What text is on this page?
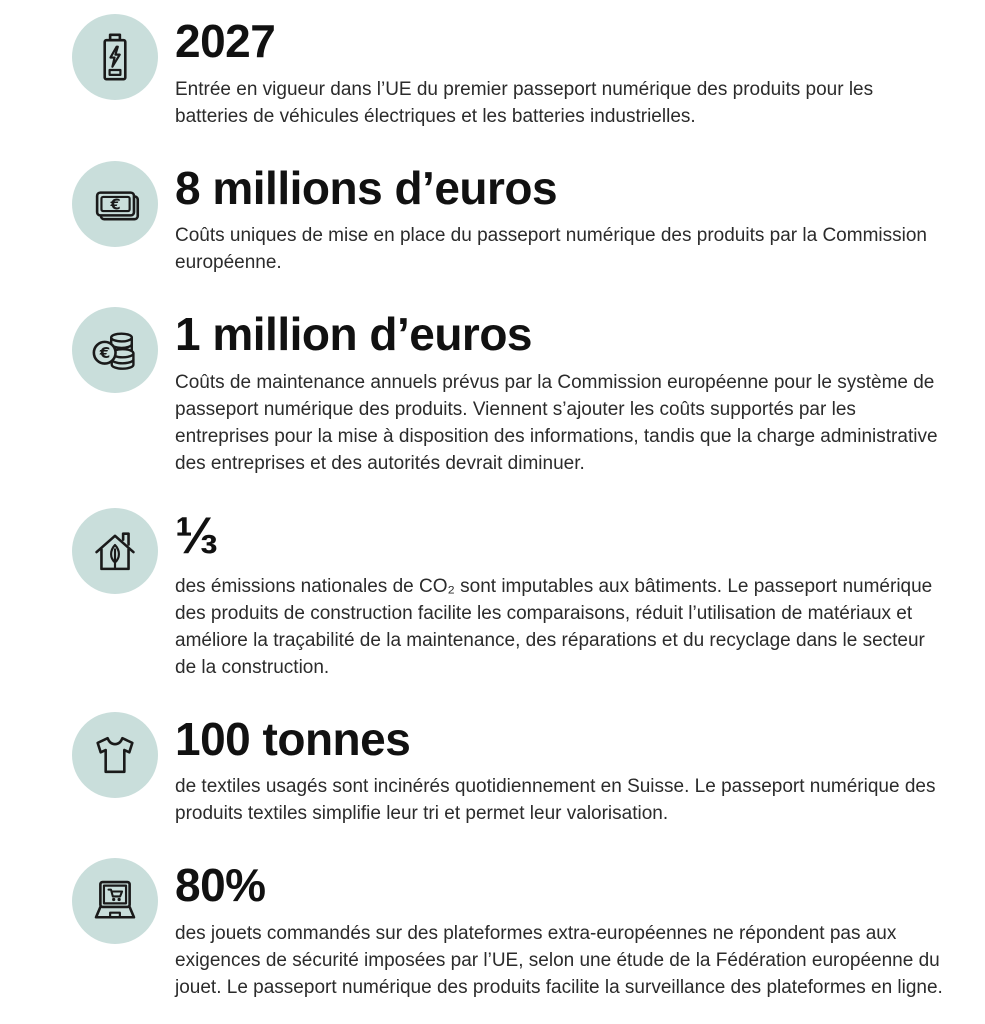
2027

Entrée en vigueur dans l’UE du premier passeport numérique des produits pour les batteries de véhicules électriques et les batteries industrielles.

€ 8 millions d’euros

Coûts uniques de mise en place du passeport numérique des produits par la Commission européenne.

€ 1 million d’euros

Coûts de maintenance annuels prévus par la Commission européenne pour le système de passeport numérique des produits. Viennent s’ajouter les coûts supportés par les entreprises pour la mise à disposition des informations, tandis que la charge administrative des entreprises et des autorités devrait diminuer.

⅓

des émissions nationales de CO₂ sont imputables aux bâtiments. Le passeport numérique des produits de construction facilite les comparaisons, réduit l’utilisation de matériaux et améliore la traçabilité de la maintenance, des réparations et du recyclage dans le secteur de la construction.

100 tonnes

de textiles usagés sont incinérés quotidiennement en Suisse. Le passeport numérique des produits textiles simplifie leur tri et permet leur valorisation.

80%

des jouets commandés sur des plateformes extra-européennes ne répondent pas aux exigences de sécurité imposées par l’UE, selon une étude de la Fédération européenne du jouet. Le passeport numérique des produits facilite la surveillance des plateformes en ligne.
